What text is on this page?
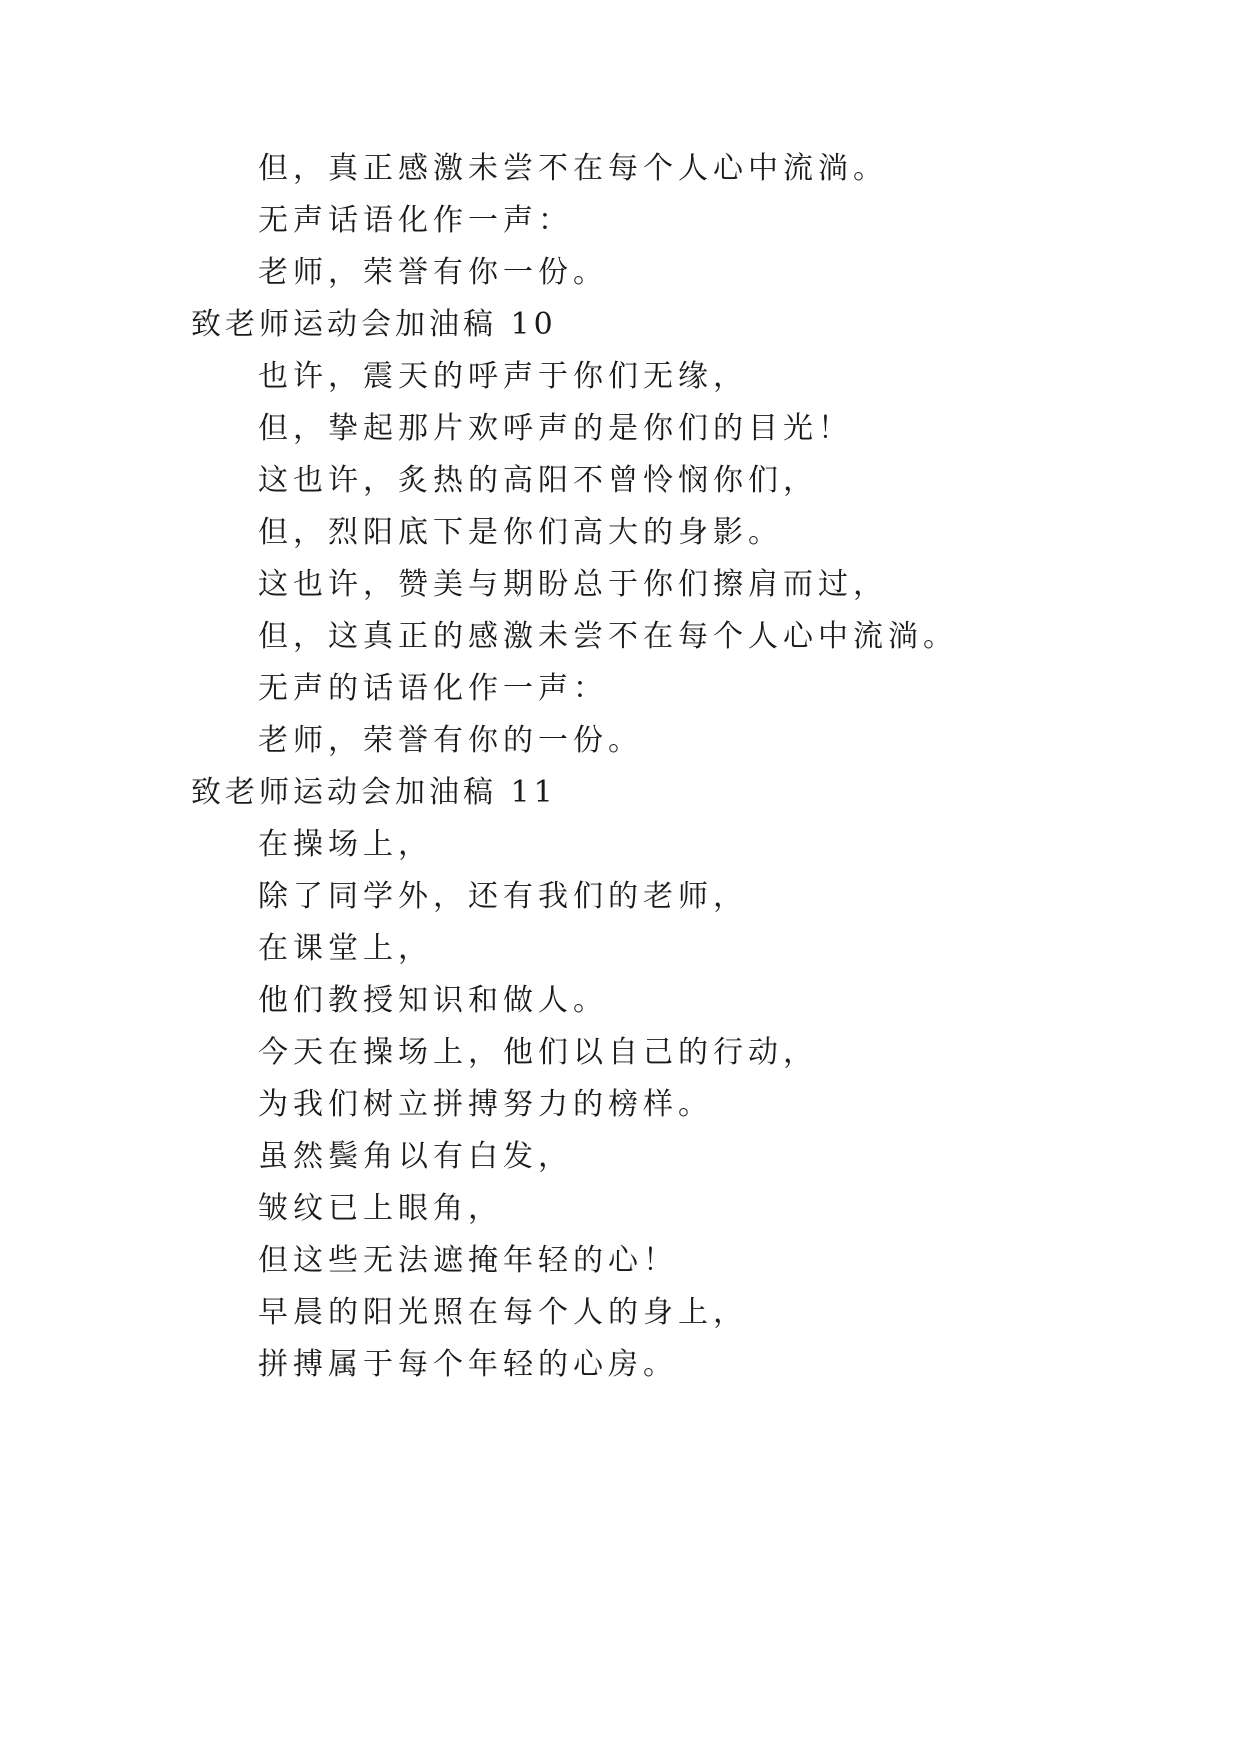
但，真正感激未尝不在每个人心中流淌。
无声话语化作一声：
老师，荣誉有你一份。
致老师运动会加油稿 10
也许，震天的呼声于你们无缘，
但，挚起那片欢呼声的是你们的目光！
这也许，炙热的高阳不曾怜悯你们，
但，烈阳底下是你们高大的身影。
这也许，赞美与期盼总于你们擦肩而过，
但，这真正的感激未尝不在每个人心中流淌。
无声的话语化作一声：
老师，荣誉有你的一份。
致老师运动会加油稿 11
在操场上，
除了同学外，还有我们的老师，
在课堂上，
他们教授知识和做人。
今天在操场上，他们以自己的行动，
为我们树立拼搏努力的榜样。
虽然鬓角以有白发，
皱纹已上眼角，
但这些无法遮掩年轻的心！
早晨的阳光照在每个人的身上，
拼搏属于每个年轻的心房。
